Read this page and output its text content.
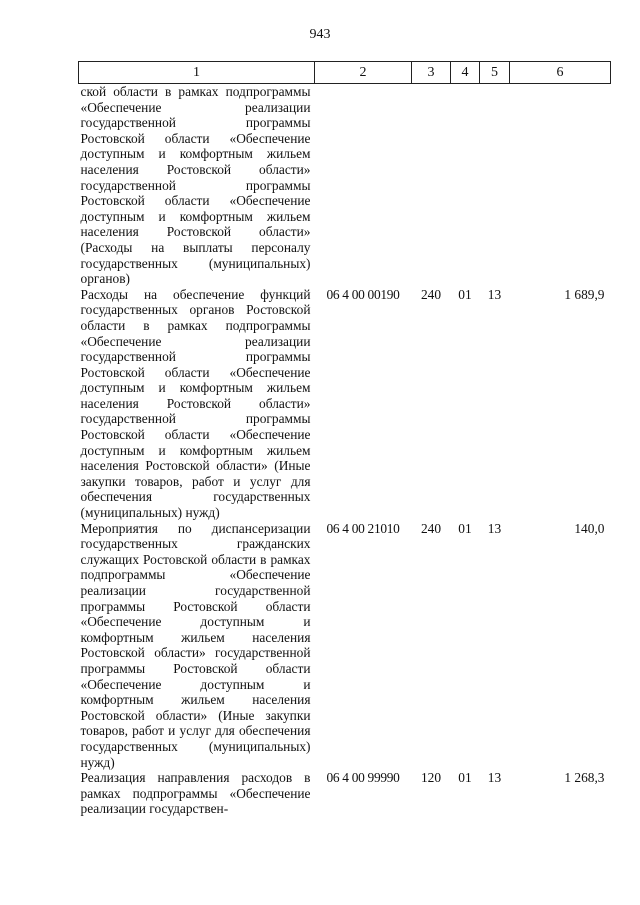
943
1	2	3	4	5	6
ской области в рамках подпрограммы «Обеспечение реализации государственной программы Ростовской области «Обеспечение доступным и комфортным жильем населения Ростовской области» государственной программы Ростовской области «Обеспечение доступным и комфортным жильем населения Ростовской области» (Расходы на выплаты персоналу государственных (муниципальных) органов)					
Расходы на обеспечение функций государственных органов Ростовской области в рамках подпрограммы «Обеспечение реализации государственной программы Ростовской области «Обеспечение доступным и комфортным жильем населения Ростовской области» государственной программы Ростовской области «Обеспечение доступным и комфортным жильем населения Ростовской области» (Иные закупки товаров, работ и услуг для обеспечения государственных (муниципальных) нужд)	06 4 00 00190	240	01	13	1 689,9
Мероприятия по диспансеризации государственных гражданских служащих Ростовской области в рамках подпрограммы «Обеспечение реализации государственной программы Ростовской области «Обеспечение доступным и комфортным жильем населения Ростовской области» государственной программы Ростовской области «Обеспечение доступным и комфортным жильем населения Ростовской области» (Иные закупки товаров, работ и услуг для обеспечения государственных (муниципальных) нужд)	06 4 00 21010	240	01	13	140,0
Реализация направления расходов в рамках подпрограммы «Обеспечение реализации государствен-	06 4 00 99990	120	01	13	1 268,3
